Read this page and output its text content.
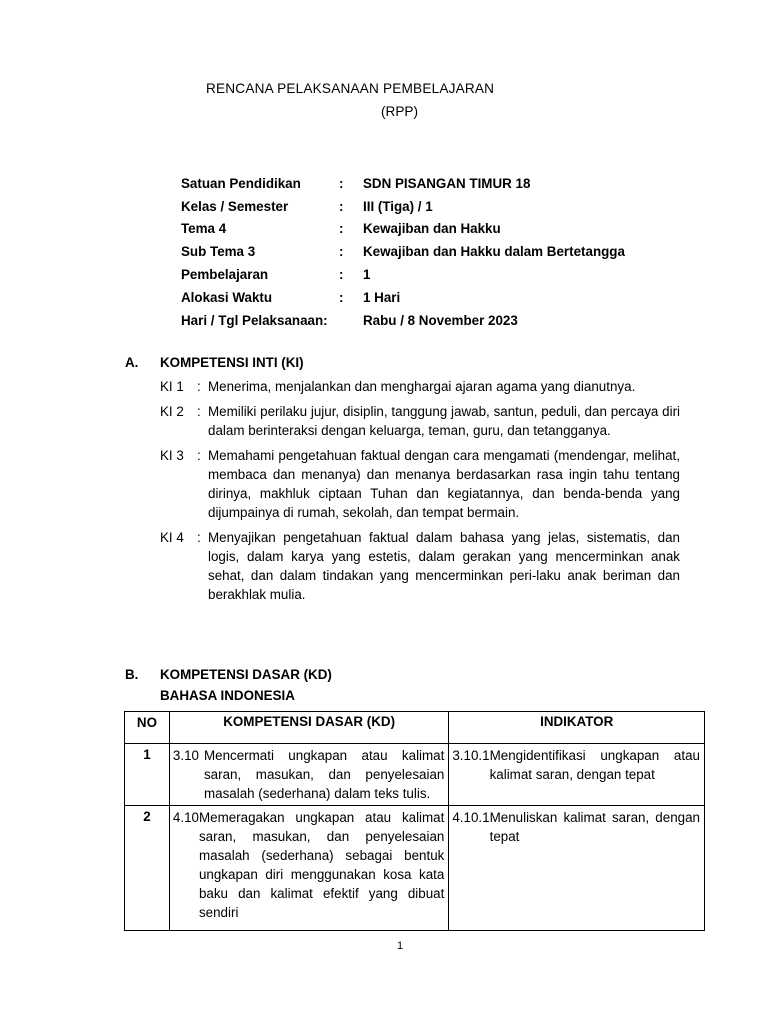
RENCANA PELAKSANAAN PEMBELAJARAN
(RPP)
Satuan Pendidikan	:	SDN PISANGAN TIMUR 18
Kelas / Semester	:	III (Tiga) / 1
Tema 4	:	Kewajiban dan Hakku
Sub Tema 3	:	Kewajiban dan Hakku dalam Bertetangga
Pembelajaran	:	1
Alokasi Waktu	:	1 Hari
Hari / Tgl Pelaksanaan:	Rabu / 8 November 2023
A. KOMPETENSI INTI (KI)
KI 1 : Menerima, menjalankan dan menghargai ajaran agama yang dianutnya.
KI 2 : Memiliki perilaku jujur, disiplin, tanggung jawab, santun, peduli, dan percaya diri dalam berinteraksi dengan keluarga, teman, guru, dan tetangganya.
KI 3 : Memahami pengetahuan faktual dengan cara mengamati (mendengar, melihat, membaca dan menanya) dan menanya berdasarkan rasa ingin tahu tentang dirinya, makhluk ciptaan Tuhan dan kegiatannya, dan benda-benda yang dijumpainya di rumah, sekolah, dan tempat bermain.
KI 4 : Menyajikan pengetahuan faktual dalam bahasa yang jelas, sistematis, dan logis, dalam karya yang estetis, dalam gerakan yang mencerminkan anak sehat, dan dalam tindakan yang mencerminkan peri-laku anak beriman dan berakhlak mulia.
B. KOMPETENSI DASAR (KD)
BAHASA INDONESIA
NO	KOMPETENSI DASAR (KD)	INDIKATOR
1	3.10 Mencermati ungkapan atau kalimat saran, masukan, dan penyelesaian masalah (sederhana) dalam teks tulis.	3.10.1 Mengidentifikasi ungkapan atau kalimat saran, dengan tepat

2	4.10 Memeragakan ungkapan atau kalimat saran, masukan, dan penyelesaian masalah (sederhana) sebagai bentuk ungkapan diri menggunakan kosa kata baku dan kalimat efektif yang dibuat sendiri	4.10.1 Menuliskan kalimat saran, dengan tepat
1
